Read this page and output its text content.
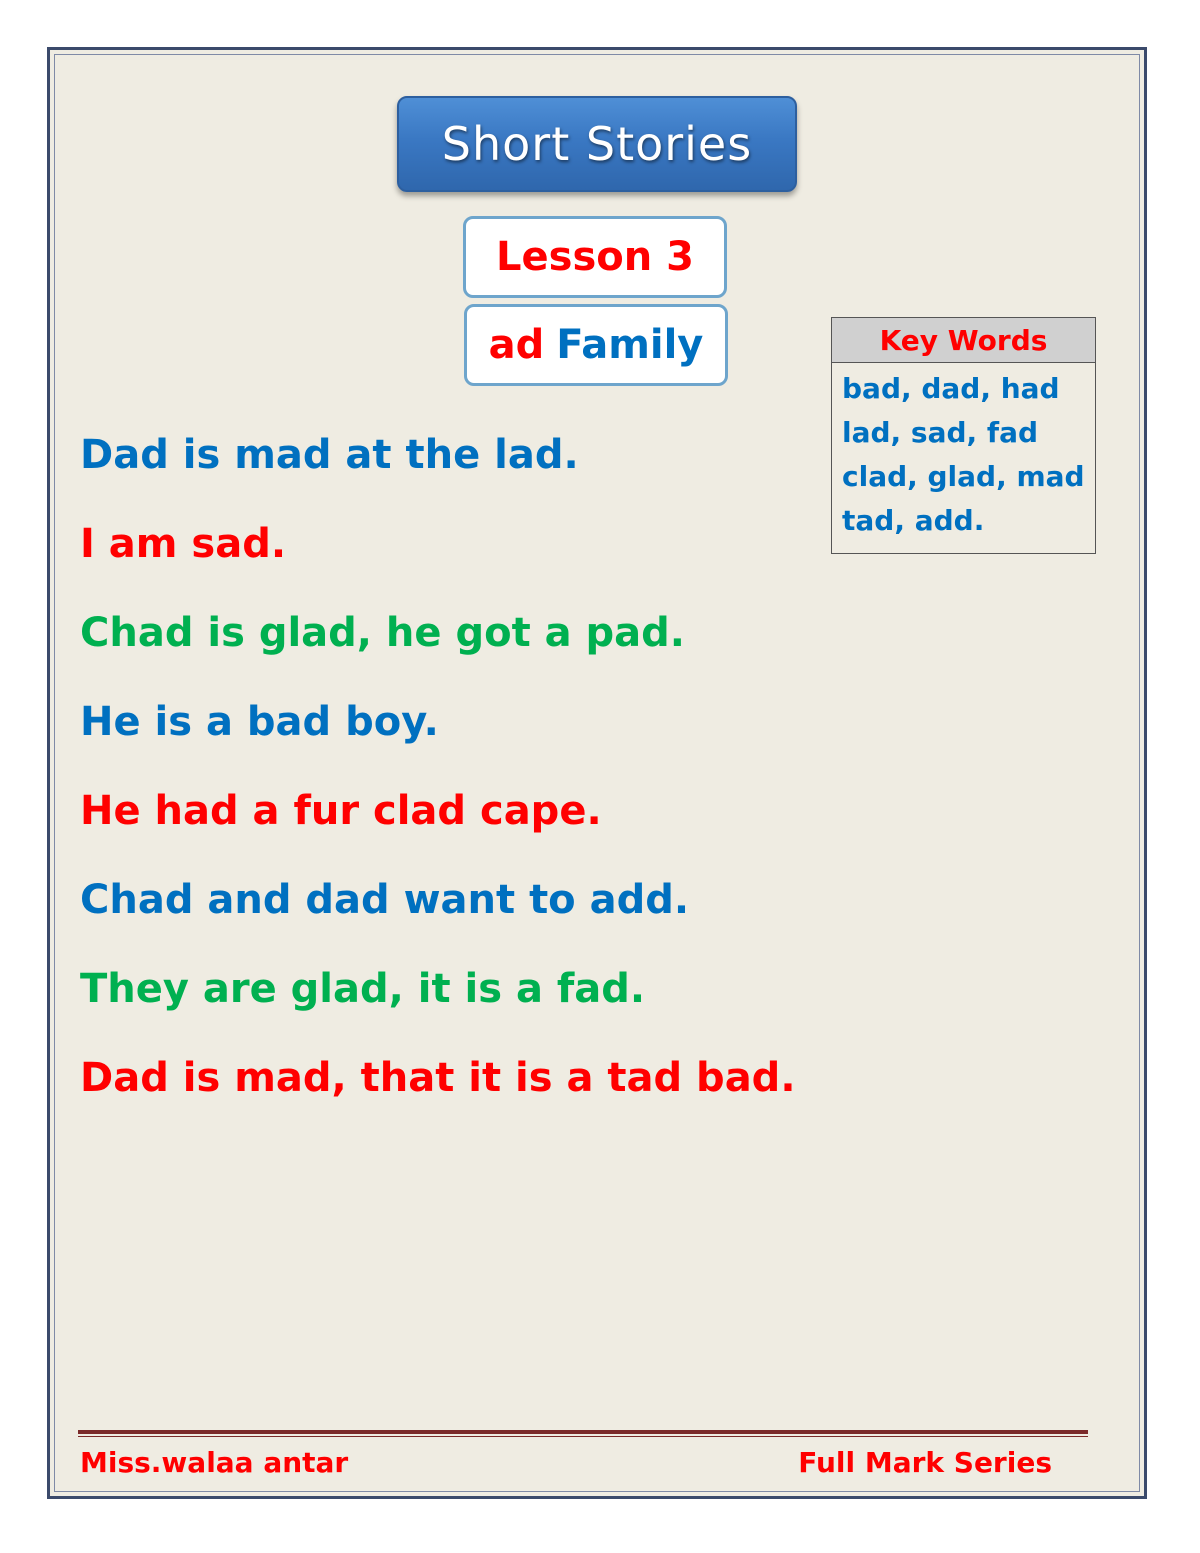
Short Stories
Lesson 3
ad Family	Key Words
bad, dad, had
lad, sad, fad
clad, glad, mad
tad, add.
Dad is mad at the lad.
I am sad.
Chad is glad, he got a pad.
He is a bad boy.
He had a fur clad cape.
Chad and dad want to add.
They are glad, it is a fad.
Dad is mad, that it is a tad bad.
Miss.walaa antar	Full Mark Series
